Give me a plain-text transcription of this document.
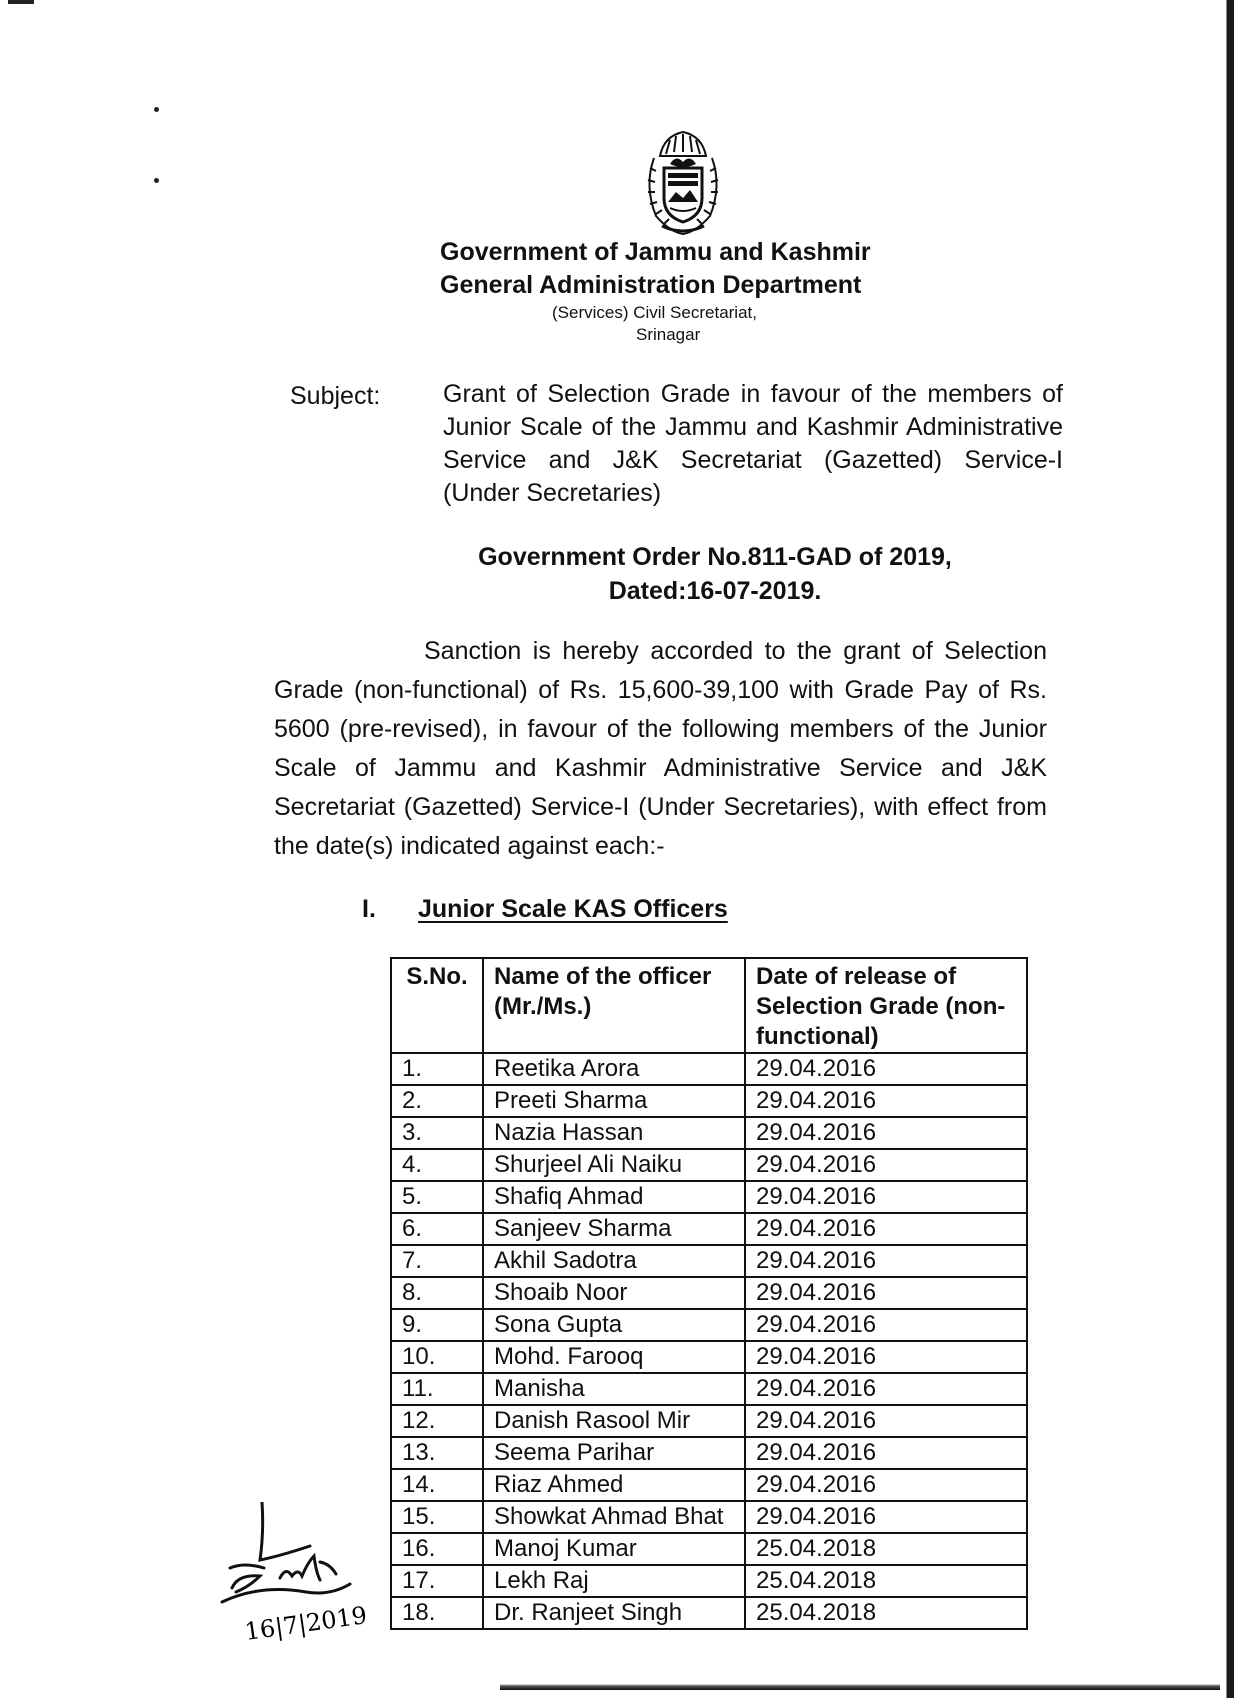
Government of Jammu and Kashmir
General Administration Department
(Services) Civil Secretariat,
Srinagar
Subject:	Grant of Selection Grade in favour of the members of Junior Scale of the Jammu and Kashmir Administrative Service and J&K Secretariat (Gazetted) Service-I (Under Secretaries)
Government Order No.811-GAD of 2019,
Dated:16-07-2019.
Sanction is hereby accorded to the grant of Selection Grade (non-functional) of Rs. 15,600-39,100 with Grade Pay of Rs. 5600 (pre-revised), in favour of the following members of the Junior Scale of Jammu and Kashmir Administrative Service and J&K Secretariat (Gazetted) Service-I (Under Secretaries), with effect from the date(s) indicated against each:-
I. Junior Scale KAS Officers
S.No.	Name of the officer (Mr./Ms.)	Date of release of Selection Grade (non-functional)
1.	Reetika Arora	29.04.2016
2.	Preeti Sharma	29.04.2016
3.	Nazia Hassan	29.04.2016
4.	Shurjeel Ali Naiku	29.04.2016
5.	Shafiq Ahmad	29.04.2016
6.	Sanjeev Sharma	29.04.2016
7.	Akhil Sadotra	29.04.2016
8.	Shoaib Noor	29.04.2016
9.	Sona Gupta	29.04.2016
10.	Mohd. Farooq	29.04.2016
11.	Manisha	29.04.2016
12.	Danish Rasool Mir	29.04.2016
13.	Seema Parihar	29.04.2016
14.	Riaz Ahmed	29.04.2016
15.	Showkat Ahmad Bhat	29.04.2016
16.	Manoj Kumar	25.04.2018
17.	Lekh Raj	25.04.2018
18.	Dr. Ranjeet Singh	25.04.2018
16|7|2019
